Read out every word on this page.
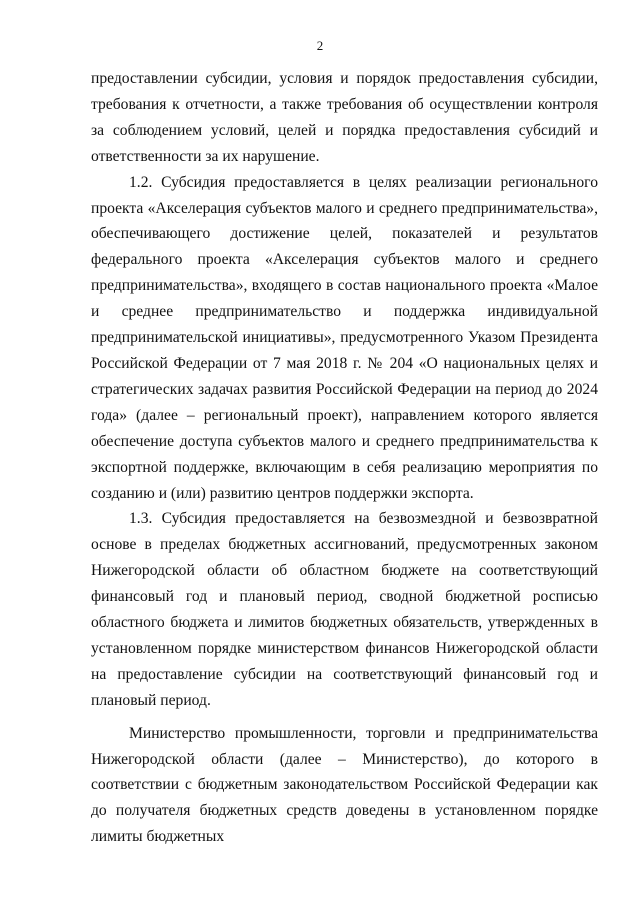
2

предоставлении субсидии, условия и порядок предоставления субсидии, требования к отчетности, а также требования об осуществлении контроля за соблюдением условий, целей и порядка предоставления субсидий и ответственности за их нарушение.

1.2. Субсидия предоставляется в целях реализации регионального проекта «Акселерация субъектов малого и среднего предпринимательства», обеспечивающего достижение целей, показателей и результатов федерального проекта «Акселерация субъектов малого и среднего предпринимательства», входящего в состав национального проекта «Малое и среднее предпринимательство и поддержка индивидуальной предпринимательской инициативы», предусмотренного Указом Президента Российской Федерации от 7 мая 2018 г. № 204 «О национальных целях и стратегических задачах развития Российской Федерации на период до 2024 года» (далее – региональный проект), направлением которого является обеспечение доступа субъектов малого и среднего предпринимательства к экспортной поддержке, включающим в себя реализацию мероприятия по созданию и (или) развитию центров поддержки экспорта.

1.3. Субсидия предоставляется на безвозмездной и безвозвратной основе в пределах бюджетных ассигнований, предусмотренных законом Нижегородской области об областном бюджете на соответствующий финансовый год и плановый период, сводной бюджетной росписью областного бюджета и лимитов бюджетных обязательств, утвержденных в установленном порядке министерством финансов Нижегородской области на предоставление субсидии на соответствующий финансовый год и плановый период.

Министерство промышленности, торговли и предпринимательства Нижегородской области (далее – Министерство), до которого в соответствии с бюджетным законодательством Российской Федерации как до получателя бюджетных средств доведены в установленном порядке лимиты бюджетных
